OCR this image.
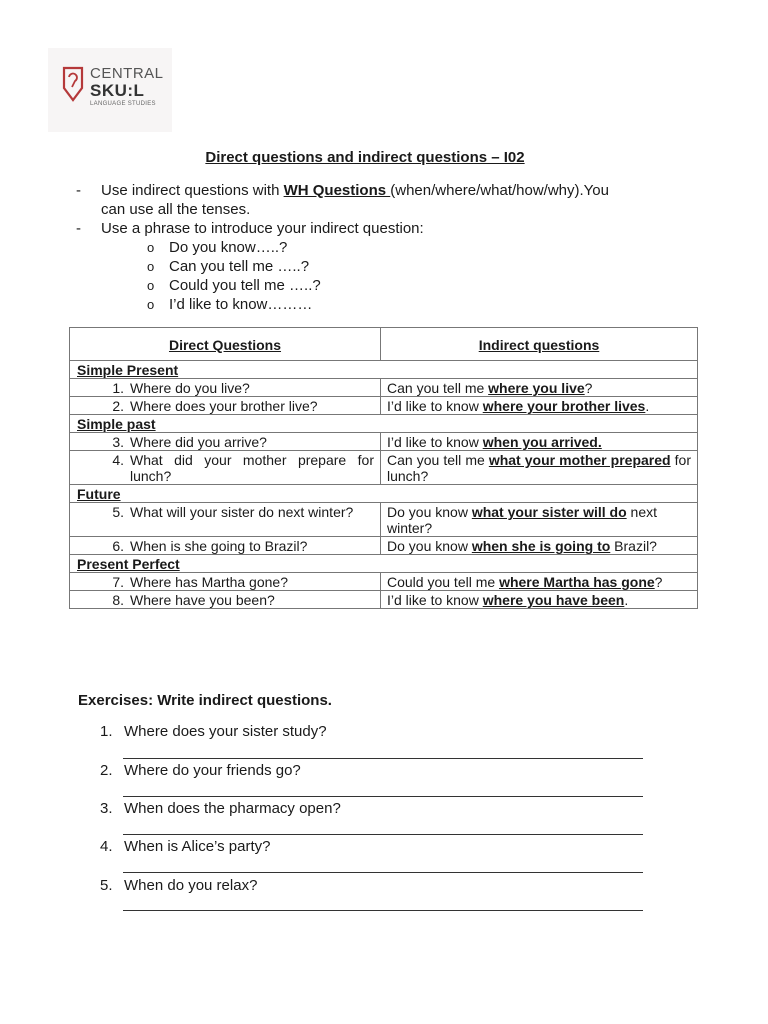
CENTRAL
SKU:L
LANGUAGE STUDIES
Direct questions and indirect questions – I02
- Use indirect questions with WH Questions (when/where/what/how/why).You
can use all the tenses.
- Use a phrase to introduce your indirect question:
o Do you know…..?
o Can you tell me …..?
o Could you tell me …..?
o I’d like to know………
Direct Questions	Indirect questions
Simple Present	

1. Where do you live?	Can you tell me where you live?

2. Where does your brother live?	I’d like to know where your brother lives.
Simple past	

3. Where did you arrive?	I’d like to know when you arrived.

4. What did your mother prepare for lunch?	Can you tell me what your mother prepared for lunch?
Future	

5. What will your sister do next winter?	Do you know what your sister will do next winter?

6. When is she going to Brazil?	Do you know when she is going to Brazil?
Present Perfect	

7. Where has Martha gone?	Could you tell me where Martha has gone?

8. Where have you been?	I’d like to know where you have been.
Exercises: Write indirect questions.
1. Where does your sister study?
2. Where do your friends go?
3. When does the pharmacy open?
4. When is Alice’s party?
5. When do you relax?
